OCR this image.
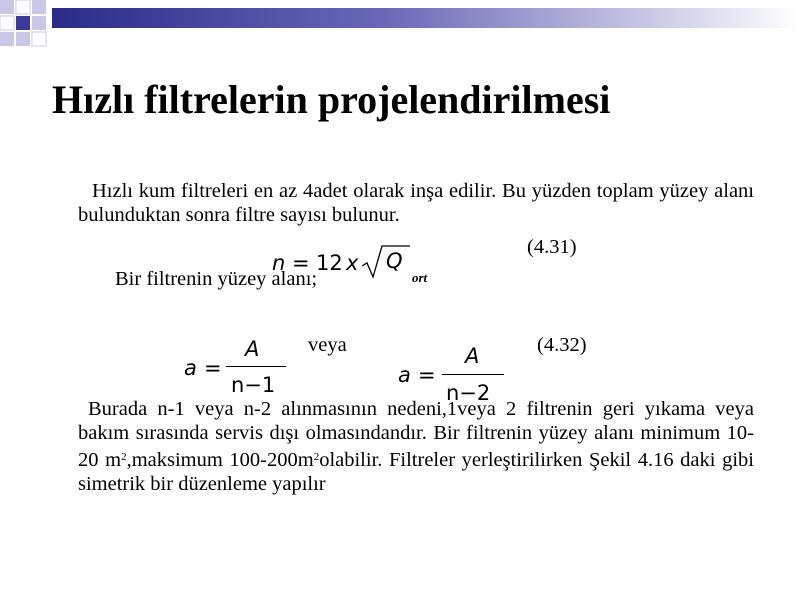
Hızlı filtrelerin projelendirilmesi

Hızlı kum filtreleri en az 4adet olarak inşa edilir. Bu yüzden toplam yüzey alanı bulunduktan sonra filtre sayısı bulunur.

n = 12 x Q
ort
(4.31)
Bir filtrenin yüzey alanı;
a =
A
n−1
veya
a =
A
n−2
(4.32)

Burada n-1 veya n-2 alınmasının nedeni,1veya 2 filtrenin geri yıkama veya bakım sırasında servis dışı olmasındandır. Bir filtrenin yüzey alanı minimum 10-20 $m^2,maksimum$ $100-200m^2olabilir$. Filtreler yerleştirilirken Şekil 4.16 daki gibi simetrik bir düzenleme yapılır
